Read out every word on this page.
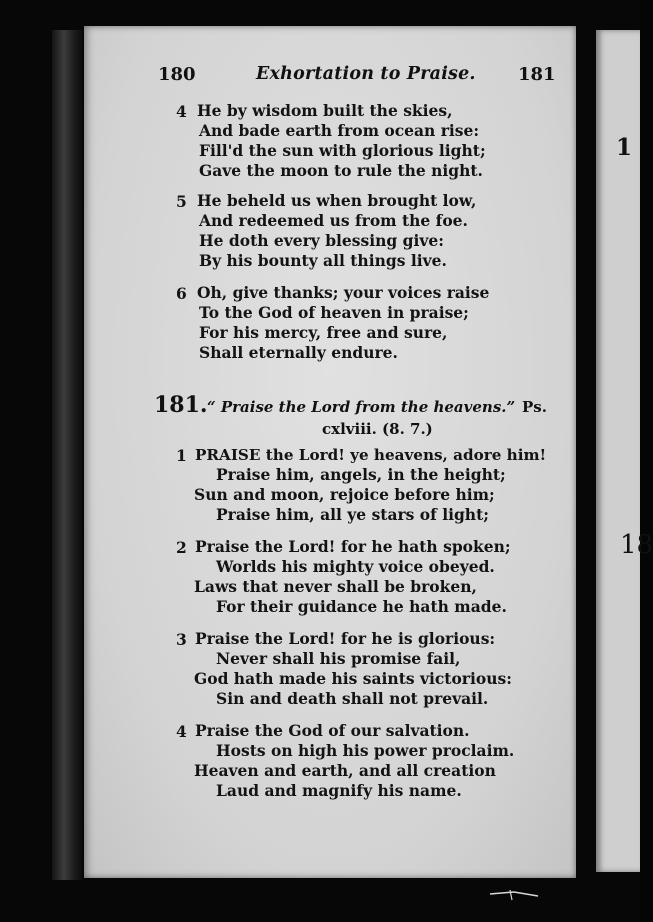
180	Exhortation to Praise. 181
4 He by wisdom built the skies,
And bade earth from ocean rise:
Fill'd the sun with glorious light;
Gave the moon to rule the night.
5 He beheld us when brought low,
And redeemed us from the foe.
He doth every blessing give:
By his bounty all things live.
6 Oh, give thanks; your voices raise
To the God of heaven in praise;
For his mercy, free and sure,
Shall eternally endure.
181. “ Praise the Lord from the heavens.” Ps.
cxlviii. (8. 7.)
1 PRAISE the Lord! ye heavens, adore him!
Praise him, angels, in the height;
Sun and moon, rejoice before him;
Praise him, all ye stars of light;
2 Praise the Lord! for he hath spoken;
Worlds his mighty voice obeyed.
Laws that never shall be broken,
For their guidance he hath made.
3 Praise the Lord! for he is glorious:
Never shall his promise fail,
God hath made his saints victorious:
Sin and death shall not prevail.
4 Praise the God of our salvation.
Hosts on high his power proclaim.
Heaven and earth, and all creation
Laud and magnify his name.
1
18
